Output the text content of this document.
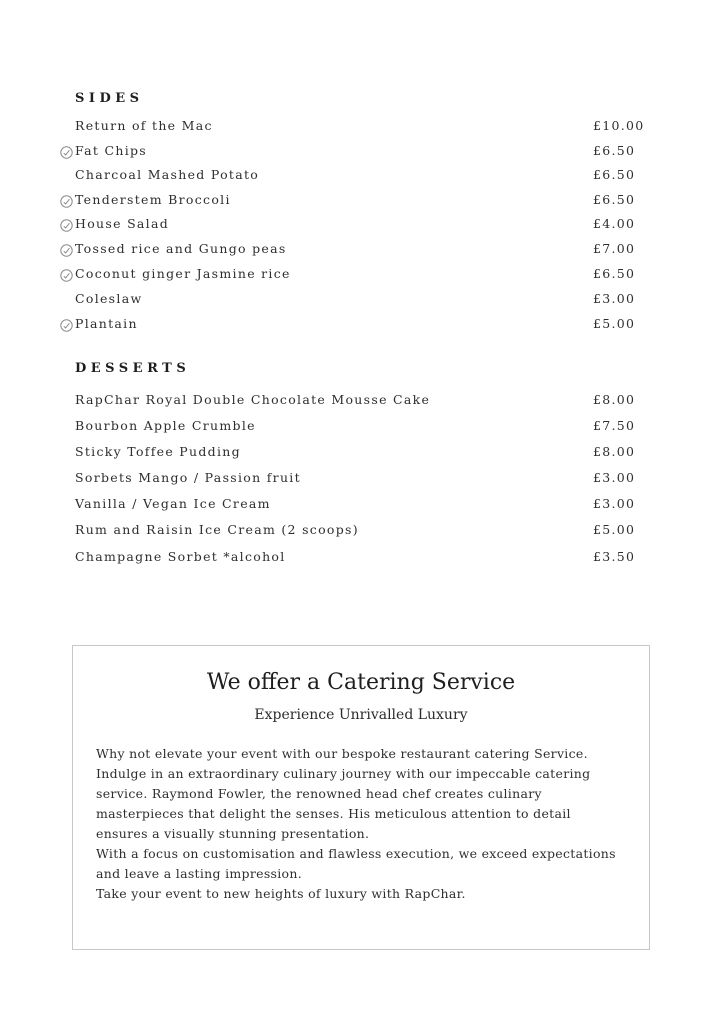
SIDES
Return of the Mac	£10.00
Fat Chips	£6.50
Charcoal Mashed Potato	£6.50
Tenderstem Broccoli	£6.50
House Salad	£4.00
Tossed rice and Gungo peas	£7.00
Coconut ginger Jasmine rice	£6.50
Coleslaw	£3.00
Plantain	£5.00
DESSERTS
RapChar Royal Double Chocolate Mousse Cake	£8.00
Bourbon Apple Crumble	£7.50
Sticky Toffee Pudding	£8.00
Sorbets Mango / Passion fruit	£3.00
Vanilla / Vegan Ice Cream	£3.00
Rum and Raisin Ice Cream (2 scoops)	£5.00
Champagne Sorbet *alcohol	£3.50
We offer a Catering Service
Experience Unrivalled Luxury

Why not elevate your event with our bespoke restaurant catering Service. Indulge in an extraordinary culinary journey with our impeccable catering service. Raymond Fowler, the renowned head chef creates culinary masterpieces that delight the senses. His meticulous attention to detail ensures a visually stunning presentation.

With a focus on customisation and flawless execution, we exceed expectations and leave a lasting impression.

Take your event to new heights of luxury with RapChar.
